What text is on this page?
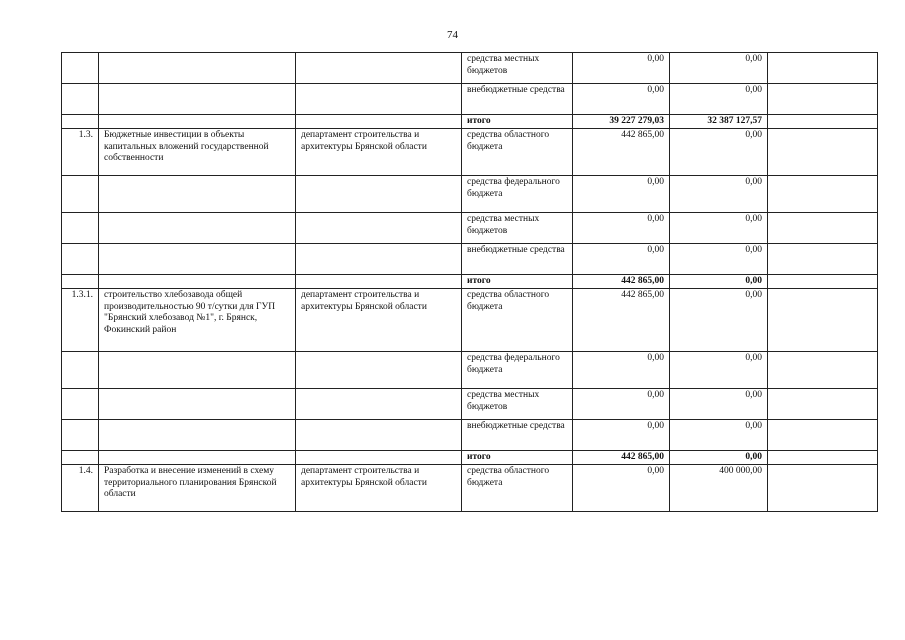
74
			средства местных бюджетов	0,00	0,00	
			внебюджетные средства	0,00	0,00	
			итого	39 227 279,03	32 387 127,57	
1.3.	Бюджетные инвестиции в объекты капитальных вложений государственной собственности	департамент строительства и архитектуры Брянской области	средства областного бюджета	442 865,00	0,00	
			средства федерального бюджета	0,00	0,00	
			средства местных бюджетов	0,00	0,00	
			внебюджетные средства	0,00	0,00	
			итого	442 865,00	0,00	
1.3.1.	строительство хлебозавода общей производительностью 90 т/сутки для ГУП "Брянский хлебозавод №1", г. Брянск, Фокинский район	департамент строительства и архитектуры Брянской области	средства областного бюджета	442 865,00	0,00	
			средства федерального бюджета	0,00	0,00	
			средства местных бюджетов	0,00	0,00	
			внебюджетные средства	0,00	0,00	
			итого	442 865,00	0,00	
1.4.	Разработка и внесение изменений в схему территориального планирования Брянской области	департамент строительства и архитектуры Брянской области	средства областного бюджета	0,00	400 000,00	
